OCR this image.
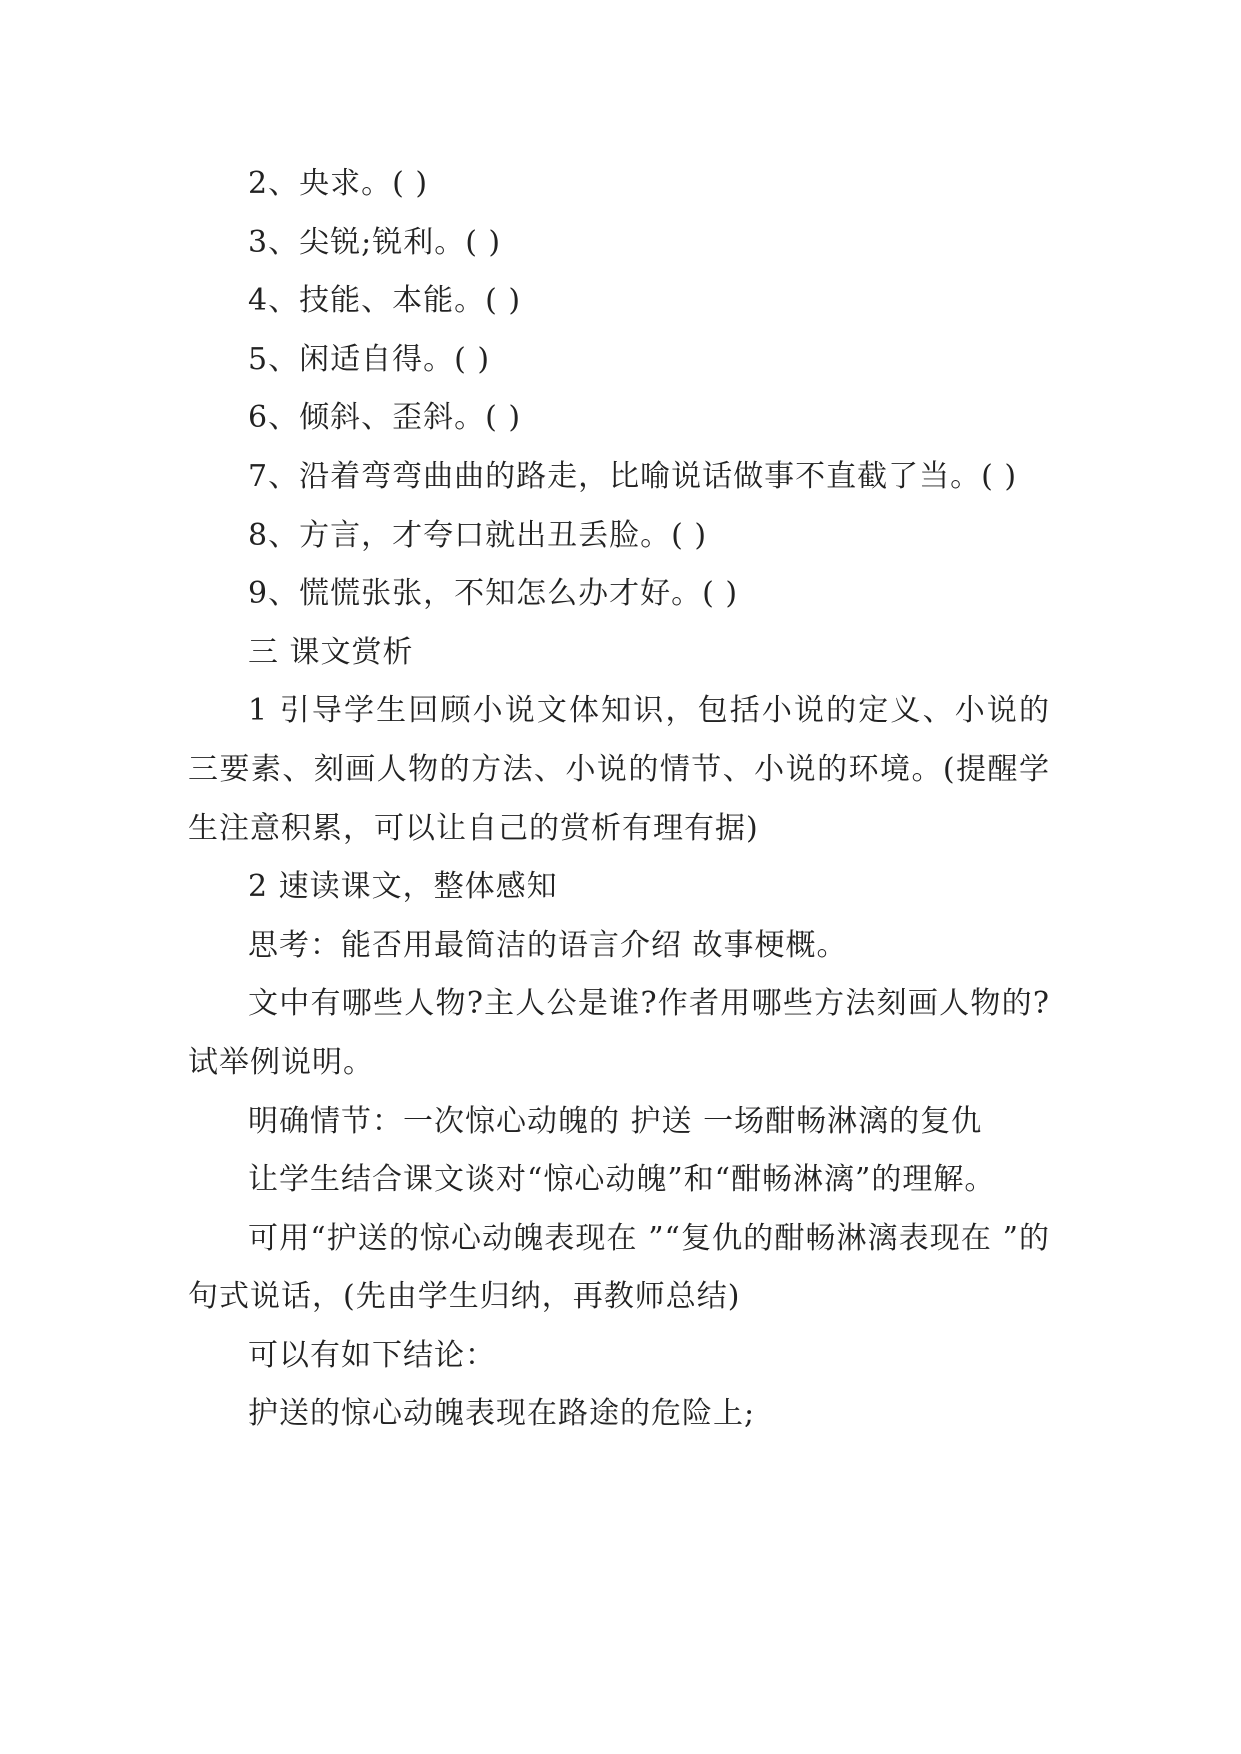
2、央求。( )

3、尖锐;锐利。( )

4、技能、本能。( )

5、闲适自得。( )

6、倾斜、歪斜。( )

7、沿着弯弯曲曲的路走，比喻说话做事不直截了当。( )

8、方言，才夸口就出丑丢脸。( )

9、慌慌张张，不知怎么办才好。( )

三 课文赏析

1 引导学生回顾小说文体知识，包括小说的定义、小说的三要素、刻画人物的方法、小说的情节、小说的环境。(提醒学生注意积累，可以让自己的赏析有理有据)

2 速读课文，整体感知

思考：能否用最简洁的语言介绍 故事梗概。

文中有哪些人物?主人公是谁?作者用哪些方法刻画人物的?试举例说明。

明确情节：一次惊心动魄的 护送 一场酣畅淋漓的复仇

让学生结合课文谈对“惊心动魄”和“酣畅淋漓”的理解。

可用“护送的惊心动魄表现在 ”“复仇的酣畅淋漓表现在 ”的句式说话，(先由学生归纳，再教师总结)

可以有如下结论：

护送的惊心动魄表现在路途的危险上;
